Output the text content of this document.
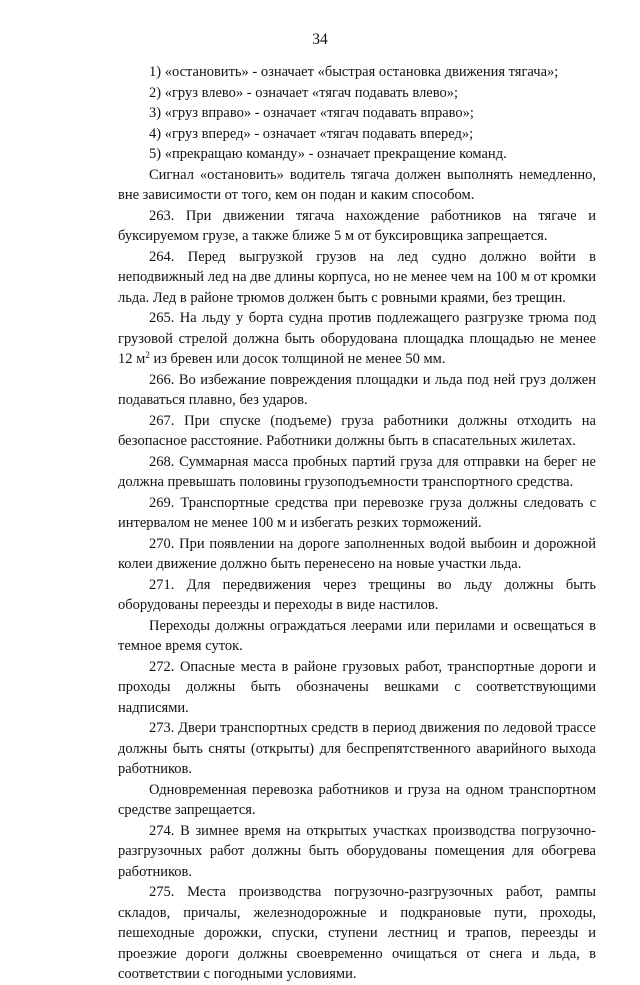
34

1) «остановить» - означает «быстрая остановка движения тягача»;

2) «груз влево» - означает «тягач подавать влево»;

3) «груз вправо» - означает «тягач подавать вправо»;

4) «груз вперед» - означает «тягач подавать вперед»;

5) «прекращаю команду» - означает прекращение команд.

Сигнал «остановить» водитель тягача должен выполнять немедленно, вне зависимости от того, кем он подан и каким способом.

263. При движении тягача нахождение работников на тягаче и буксируемом грузе, а также ближе 5 м от буксировщика запрещается.

264. Перед выгрузкой грузов на лед судно должно войти в неподвижный лед на две длины корпуса, но не менее чем на 100 м от кромки льда. Лед в районе трюмов должен быть с ровными краями, без трещин.

265. На льду у борта судна против подлежащего разгрузке трюма под грузовой стрелой должна быть оборудована площадка площадью не менее 12 $м^2$ из бревен или досок толщиной не менее 50 мм.

266. Во избежание повреждения площадки и льда под ней груз должен подаваться плавно, без ударов.

267. При спуске (подъеме) груза работники должны отходить на безопасное расстояние. Работники должны быть в спасательных жилетах.

268. Суммарная масса пробных партий груза для отправки на берег не должна превышать половины грузоподъемности транспортного средства.

269. Транспортные средства при перевозке груза должны следовать с интервалом не менее 100 м и избегать резких торможений.

270. При появлении на дороге заполненных водой выбоин и дорожной колеи движение должно быть перенесено на новые участки льда.

271. Для передвижения через трещины во льду должны быть оборудованы переезды и переходы в виде настилов.

Переходы должны ограждаться леерами или перилами и освещаться в темное время суток.

272. Опасные места в районе грузовых работ, транспортные дороги и проходы должны быть обозначены вешками с соответствующими надписями.

273. Двери транспортных средств в период движения по ледовой трассе должны быть сняты (открыты) для беспрепятственного аварийного выхода работников.

Одновременная перевозка работников и груза на одном транспортном средстве запрещается.

274. В зимнее время на открытых участках производства погрузочно-разгрузочных работ должны быть оборудованы помещения для обогрева работников.

275. Места производства погрузочно-разгрузочных работ, рампы складов, причалы, железнодорожные и подкрановые пути, проходы, пешеходные дорожки, спуски, ступени лестниц и трапов, переезды и проезжие дороги должны своевременно очищаться от снега и льда, в соответствии с погодными условиями.
